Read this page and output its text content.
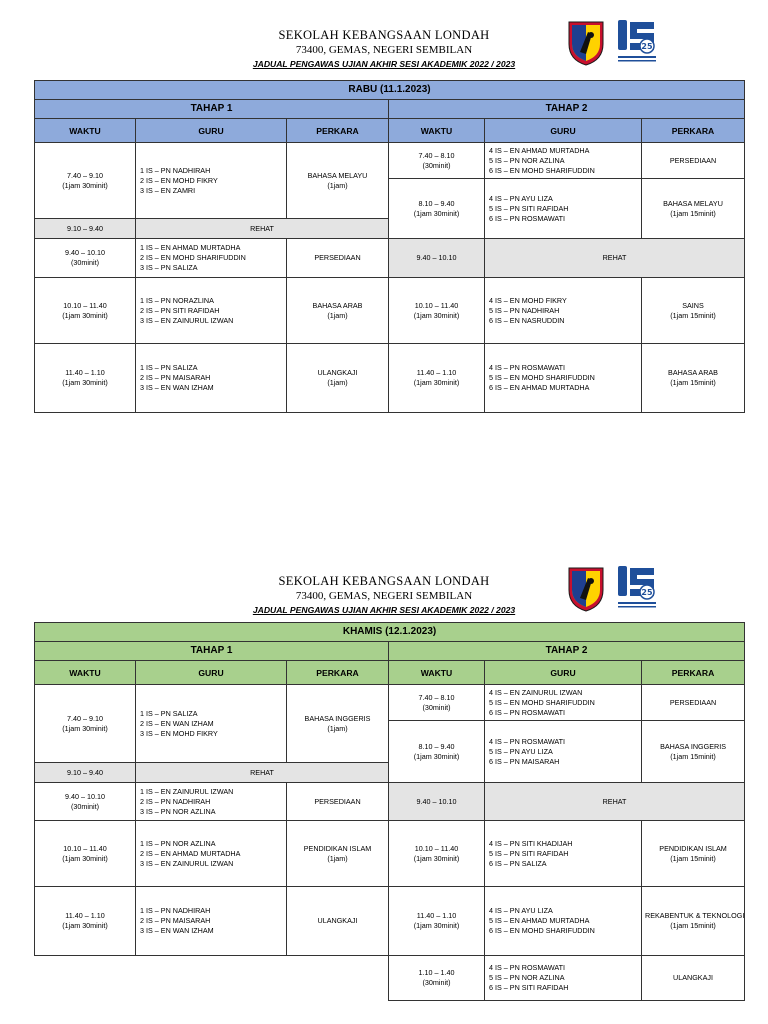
SEKOLAH KEBANGSAAN LONDAH
73400, GEMAS, NEGERI SEMBILAN
JADUAL PENGAWAS UJIAN AKHIR SESI AKADEMIK 2022 / 2023
25
RABU (11.1.2023)					
TAHAP 1			TAHAP 2		
WAKTU	GURU	PERKARA	WAKTU	GURU	PERKARA

7.40 – 9.10
(1jam 30minit)	1 IS – PN NADHIRAH
2 IS – EN MOHD FIKRY
3 IS – EN ZAMRI	BAHASA MELAYU
(1jam)	7.40 – 8.10
(30minit)	4 IS – EN AHMAD MURTADHA
5 IS – PN NOR AZLINA
6 IS – EN MOHD SHARIFUDDIN	PERSEDIAAN

			8.10 – 9.40
(1jam 30minit)	4 IS – PN AYU LIZA
5 IS – PN SITI RAFIDAH
6 IS – PN ROSMAWATI	BAHASA MELAYU
(1jam 15minit)

9.10 – 9.40	REHAT				

9.40 – 10.10
(30minit)	1 IS – EN AHMAD MURTADHA
2 IS – EN MOHD SHARIFUDDIN
3 IS – PN SALIZA	PERSEDIAAN	9.40 – 10.10	REHAT	

10.10 – 11.40
(1jam 30minit)	1 IS – PN NORAZLINA
2 IS – PN SITI RAFIDAH
3 IS – EN ZAINURUL IZWAN	BAHASA ARAB
(1jam)	10.10 – 11.40
(1jam 30minit)	4 IS – EN MOHD FIKRY
5 IS – PN NADHIRAH
6 IS – EN NASRUDDIN	SAINS
(1jam 15minit)

11.40 – 1.10
(1jam 30minit)	1 IS – PN SALIZA
2 IS – PN MAISARAH
3 IS – EN WAN IZHAM	ULANGKAJI
(1jam)	11.40 – 1.10
(1jam 30minit)	4 IS – PN ROSMAWATI
5 IS – EN MOHD SHARIFUDDIN
6 IS – EN AHMAD MURTADHA	BAHASA ARAB
(1jam 15minit)
SEKOLAH KEBANGSAAN LONDAH
73400, GEMAS, NEGERI SEMBILAN
JADUAL PENGAWAS UJIAN AKHIR SESI AKADEMIK 2022 / 2023
25
KHAMIS (12.1.2023)					
TAHAP 1			TAHAP 2		
WAKTU	GURU	PERKARA	WAKTU	GURU	PERKARA

7.40 – 9.10
(1jam 30minit)	1 IS – PN SALIZA
2 IS – EN WAN IZHAM
3 IS – EN MOHD FIKRY	BAHASA INGGERIS
(1jam)	7.40 – 8.10
(30minit)	4 IS – EN ZAINURUL IZWAN
5 IS – EN MOHD SHARIFUDDIN
6 IS – PN ROSMAWATI	PERSEDIAAN

			8.10 – 9.40
(1jam 30minit)	4 IS – PN ROSMAWATI
5 IS – PN AYU LIZA
6 IS – PN MAISARAH	BAHASA INGGERIS
(1jam 15minit)

9.10 – 9.40	REHAT				

9.40 – 10.10
(30minit)	1 IS – EN ZAINURUL IZWAN
2 IS – PN NADHIRAH
3 IS – PN NOR AZLINA	PERSEDIAAN	9.40 – 10.10	REHAT	

10.10 – 11.40
(1jam 30minit)	1 IS – PN NOR AZLINA
2 IS – EN AHMAD MURTADHA
3 IS – EN ZAINURUL IZWAN	PENDIDIKAN ISLAM
(1jam)	10.10 – 11.40
(1jam 30minit)	4 IS – PN SITI KHADIJAH
5 IS – PN SITI RAFIDAH
6 IS – PN SALIZA	PENDIDIKAN ISLAM
(1jam 15minit)

11.40 – 1.10
(1jam 30minit)	1 IS – PN NADHIRAH
2 IS – PN MAISARAH
3 IS – EN WAN IZHAM	ULANGKAJI	11.40 – 1.10
(1jam 30minit)	4 IS – PN AYU LIZA
5 IS – EN AHMAD MURTADHA
6 IS – EN MOHD SHARIFUDDIN	REKABENTUK & TEKNOLOGI
(1jam 15minit)

			1.10 – 1.40
(30minit)	4 IS – PN ROSMAWATI
5 IS – PN NOR AZLINA
6 IS – PN SITI RAFIDAH	ULANGKAJI
